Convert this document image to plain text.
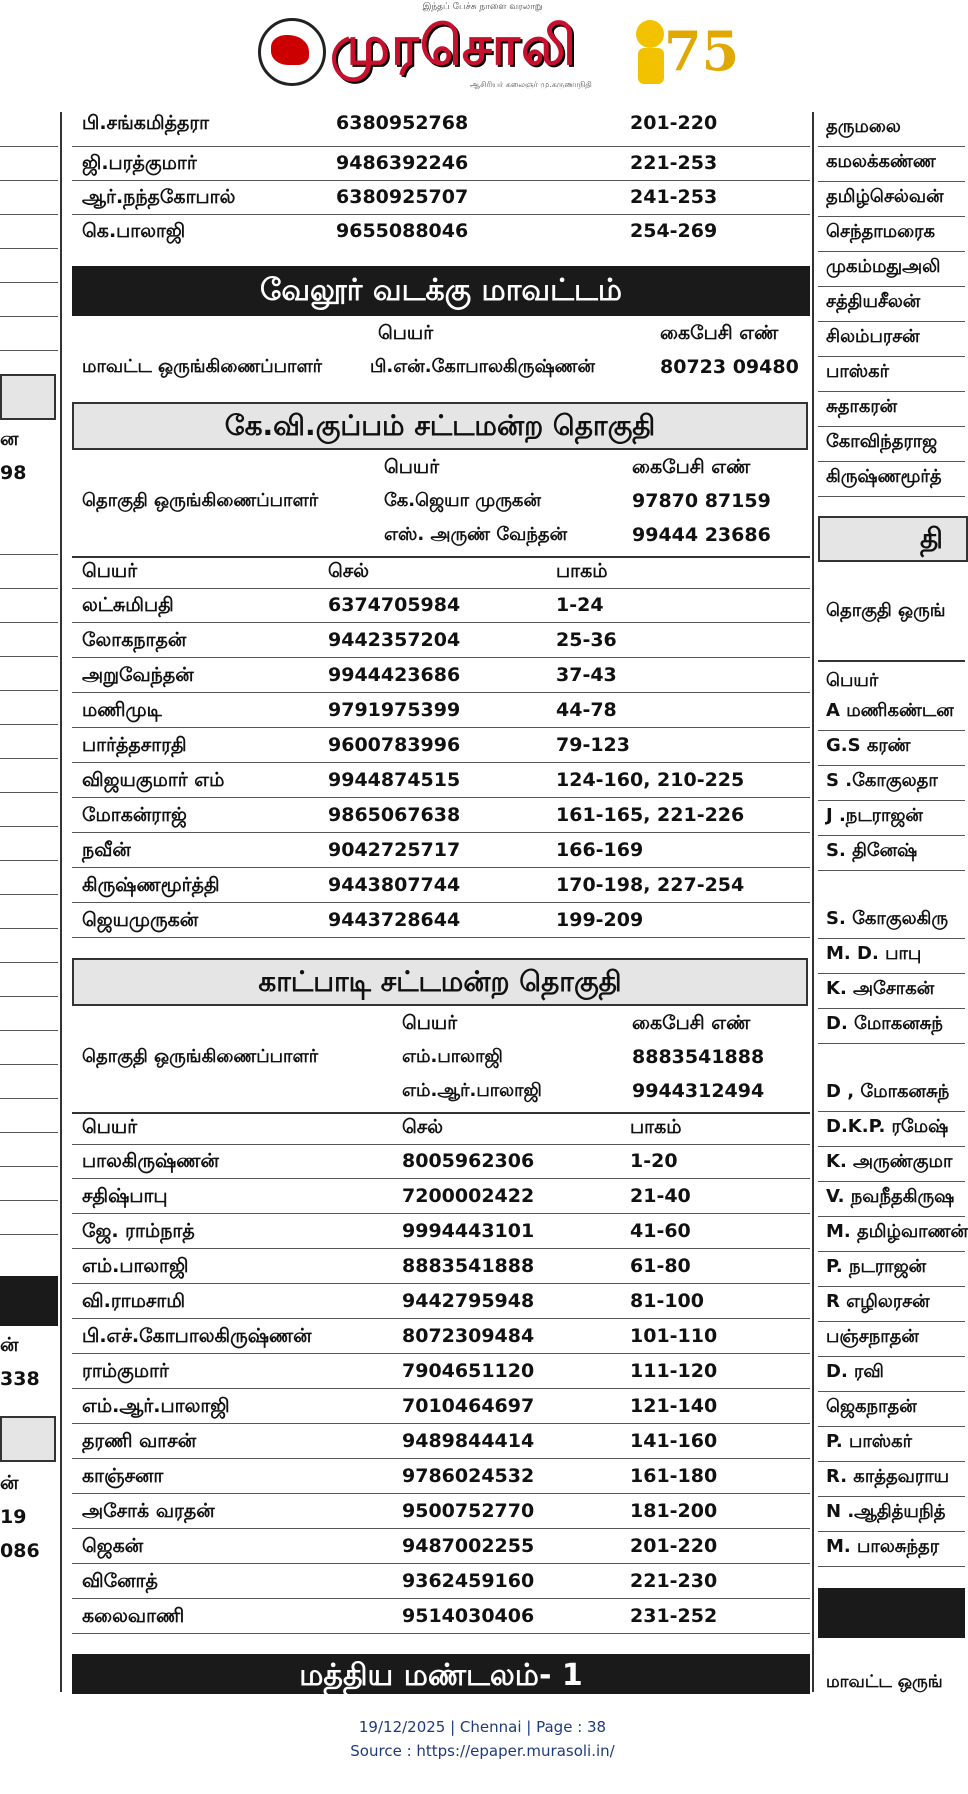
இந்தப் பேச்சு நாளை வரலாறு
முரசொலி
ஆசிரியர் கலைஞர் மு.கருணாநிதி
75
ன
98
ன்
338
ன்
19
086
பி.சங்கமித்தரா	6380952768	201-220
ஜி.பரத்குமார்	9486392246	221-253
ஆர்.நந்தகோபால்	6380925707	241-253
கெ.பாலாஜி	9655088046	254-269
வேலூர் வடக்கு மாவட்டம்
பெயர்	கைபேசி எண்
மாவட்ட ஒருங்கிணைப்பாளர்	பி.என்.கோபாலகிருஷ்ணன்	80723 09480
கே.வி.குப்பம் சட்டமன்ற தொகுதி
பெயர்	கைபேசி எண்
தொகுதி ஒருங்கிணைப்பாளர்	கே.ஜெயா முருகன்	97870 87159
எஸ். அருண் வேந்தன்	99444 23686
பெயர்	செல்	பாகம்
லட்சுமிபதி	6374705984	1-24
லோகநாதன்	9442357204	25-36
அறுவேந்தன்	9944423686	37-43
மணிமுடி	9791975399	44-78
பார்த்தசாரதி	9600783996	79-123
விஜயகுமார் எம்	9944874515	124-160, 210-225
மோகன்ராஜ்	9865067638	161-165, 221-226
நவீன்	9042725717	166-169
கிருஷ்ணமூர்த்தி	9443807744	170-198, 227-254
ஜெயமுருகன்	9443728644	199-209
காட்பாடி சட்டமன்ற தொகுதி
பெயர்	கைபேசி எண்
தொகுதி ஒருங்கிணைப்பாளர்	எம்.பாலாஜி	8883541888
எம்.ஆர்.பாலாஜி	9944312494
பெயர்	செல்	பாகம்
பாலகிருஷ்ணன்	8005962306	1-20
சதிஷ்பாபு	7200002422	21-40
ஜே. ராம்நாத்	9994443101	41-60
எம்.பாலாஜி	8883541888	61-80
வி.ராமசாமி	9442795948	81-100
பி.எச்.கோபாலகிருஷ்ணன்	8072309484	101-110
ராம்குமார்	7904651120	111-120
எம்.ஆர்.பாலாஜி	7010464697	121-140
தரணி வாசன்	9489844414	141-160
காஞ்சனா	9786024532	161-180
அசோக் வரதன்	9500752770	181-200
ஜெகன்	9487002255	201-220
வினோத்	9362459160	221-230
கலைவாணி	9514030406	231-252
மத்திய மண்டலம்- 1
தருமலை
கமலக்கண்ண
தமிழ்செல்வன்
செந்தாமரைக
முகம்மதுஅலி
சத்தியசீலன்
சிலம்பரசன்
பாஸ்கர்
சுதாகரன்
கோவிந்தராஜ
கிருஷ்ணமூர்த்
தி
தொகுதி ஒருங்
பெயர்
A மணிகண்டன
G.S கரண்
S .கோகுலதா
J .நடராஜன்
S. தினேஷ்
S. கோகுலகிரு
M. D. பாபு
K. அசோகன்
D. மோகனசுந்
D , மோகனசுந்
D.K.P. ரமேஷ்
K. அருண்குமா
V. நவநீதகிருஷ
M. தமிழ்வாணன்
P. நடராஜன்
R எழிலரசன்
பஞ்சநாதன்
D. ரவி
ஜெகநாதன்
P. பாஸ்கர்
R. காத்தவராய
N .ஆதித்யநித்
M. பாலசுந்தர
மாவட்ட ஒருங்
19/12/2025 | Chennai | Page : 38
Source : https://epaper.murasoli.in/
